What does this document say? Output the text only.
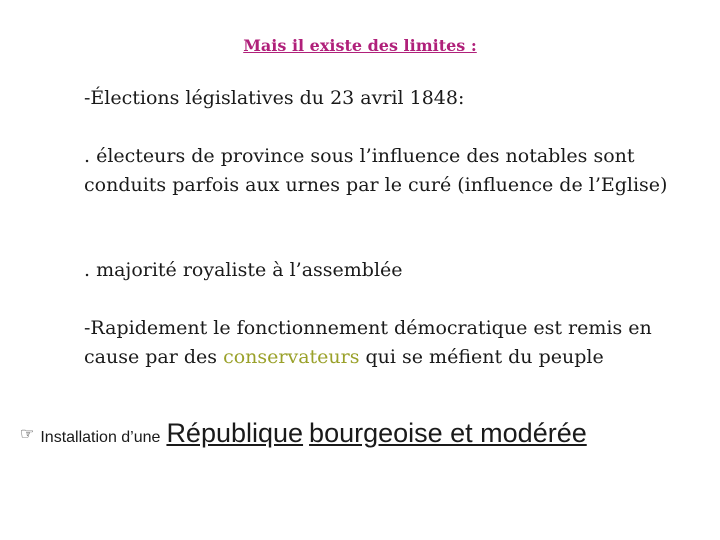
Mais il existe des limites :
-Élections législatives du 23 avril 1848:
. électeurs de province sous l’influence des notables sont conduits parfois aux urnes par le curé (influence de l’Eglise)
. majorité royaliste à l’assemblée
-Rapidement le fonctionnement démocratique est remis en cause par des conservateurs qui se méfient du peuple
☞ Installation d’une République bourgeoise et modérée
